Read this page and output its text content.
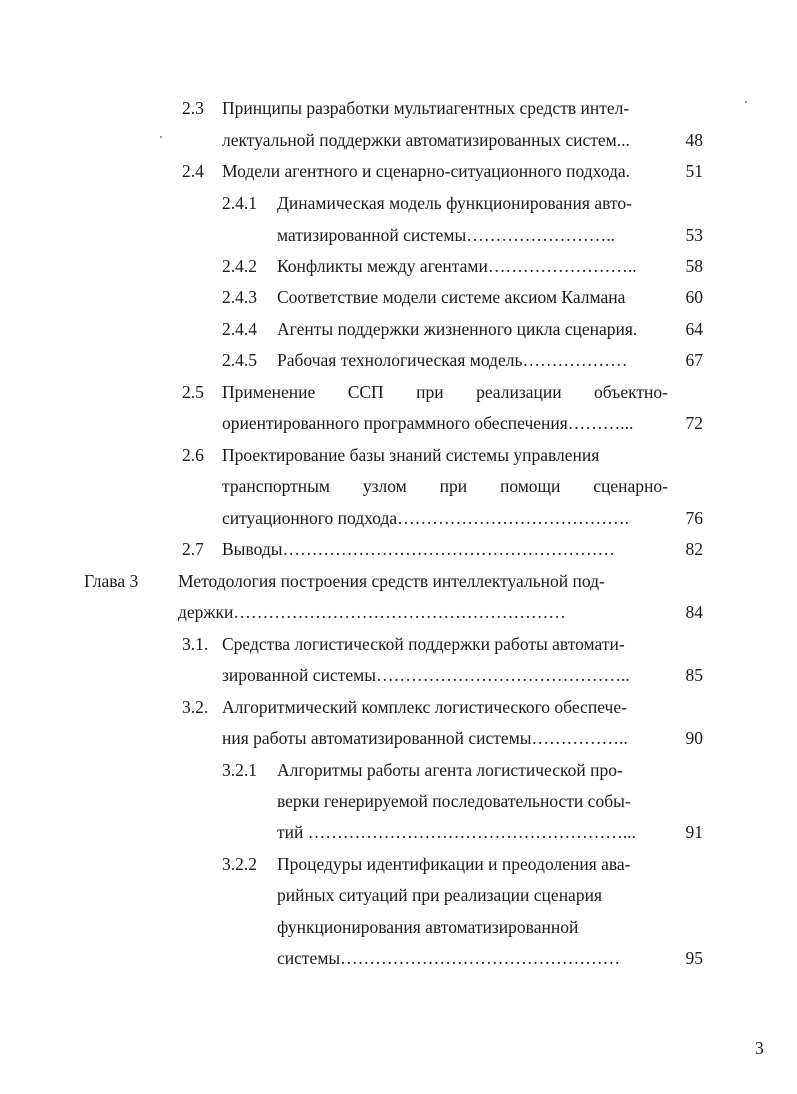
2.3 Принципы разработки мультиагентных средств интел-
лектуальной поддержки автоматизированных систем...	48
2.4 Модели агентного и сценарно-ситуационного подхода.	51
2.4.1 Динамическая модель функционирования авто-
матизированной системы……………………..	53
2.4.2 Конфликты между агентами……………………..	58
2.4.3 Соответствие модели системе аксиом Калмана	60
2.4.4 Агенты поддержки жизненного цикла сценария.	64
2.4.5 Рабочая технологическая модель………………	67
2.5 Применение ССП при реализации объектно-
ориентированного программного обеспечения………...	72
2.6 Проектирование базы знаний системы управления
транспортным узлом при помощи сценарно-
ситуационного подхода………………………………….	76
2.7 Выводы…………………………………………………	82
Глава 3 Методология построения средств интеллектуальной под-
держки…………………………………………………	84
3.1. Средства логистической поддержки работы автомати-
зированной системы……………………………………..	85
3.2. Алгоритмический комплекс логистического обеспече-
ния работы автоматизированной системы……………..	90
3.2.1 Алгоритмы работы агента логистической про-
верки генерируемой последовательности собы-
тий ………………………………………………...	91
3.2.2 Процедуры идентификации и преодоления ава-
рийных ситуаций при реализации сценария
функционирования автоматизированной
системы…………………………………………	95
3
